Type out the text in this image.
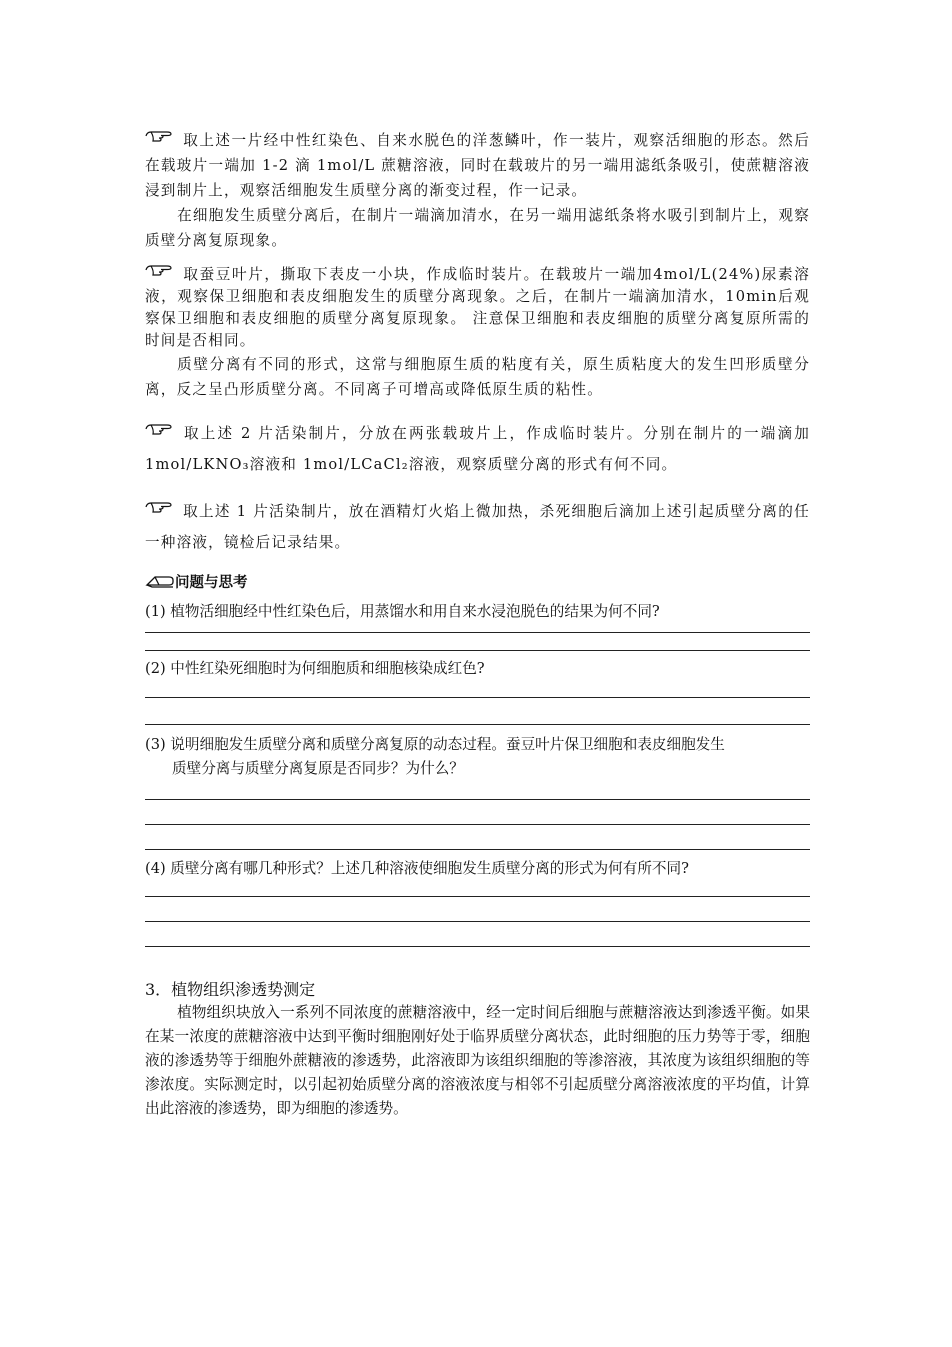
取上述一片经中性红染色、自来水脱色的洋葱鳞叶，作一装片，观察活细胞的形态。然后在载玻片一端加 1-2 滴 1mol/L 蔗糖溶液，同时在载玻片的另一端用滤纸条吸引，使蔗糖溶液浸到制片上，观察活细胞发生质壁分离的渐变过程，作一记录。

在细胞发生质壁分离后，在制片一端滴加清水，在另一端用滤纸条将水吸引到制片上，观察质壁分离复原现象。

取蚕豆叶片，撕取下表皮一小块，作成临时装片。在载玻片一端加4mol/L(24%)尿素溶液，观察保卫细胞和表皮细胞发生的质壁分离现象。之后，在制片一端滴加清水，10min后观察保卫细胞和表皮细胞的质壁分离复原现象。 注意保卫细胞和表皮细胞的质壁分离复原所需的时间是否相同。

质壁分离有不同的形式，这常与细胞原生质的粘度有关，原生质粘度大的发生凹形质壁分离，反之呈凸形质壁分离。不同离子可增高或降低原生质的粘性。

取上述 2 片活染制片，分放在两张载玻片上，作成临时装片。分别在制片的一端滴加 1mol/LKNO₃溶液和 1mol/LCaCl₂溶液，观察质壁分离的形式有何不同。

取上述 1 片活染制片，放在酒精灯火焰上微加热，杀死细胞后滴加上述引起质壁分离的任一种溶液，镜检后记录结果。

问题与思考

(1) 植物活细胞经中性红染色后，用蒸馏水和用自来水浸泡脱色的结果为何不同?

(2) 中性红染死细胞时为何细胞质和细胞核染成红色?

(3) 说明细胞发生质壁分离和质壁分离复原的动态过程。蚕豆叶片保卫细胞和表皮细胞发生

质壁分离与质壁分离复原是否同步？为什么？

(4) 质壁分离有哪几种形式？上述几种溶液使细胞发生质壁分离的形式为何有所不同?

3．植物组织渗透势测定

植物组织块放入一系列不同浓度的蔗糖溶液中，经一定时间后细胞与蔗糖溶液达到渗透平衡。如果在某一浓度的蔗糖溶液中达到平衡时细胞刚好处于临界质壁分离状态，此时细胞的压力势等于零，细胞液的渗透势等于细胞外蔗糖液的渗透势，此溶液即为该组织细胞的等渗溶液，其浓度为该组织细胞的等渗浓度。实际测定时，以引起初始质壁分离的溶液浓度与相邻不引起质壁分离溶液浓度的平均值，计算出此溶液的渗透势，即为细胞的渗透势。
